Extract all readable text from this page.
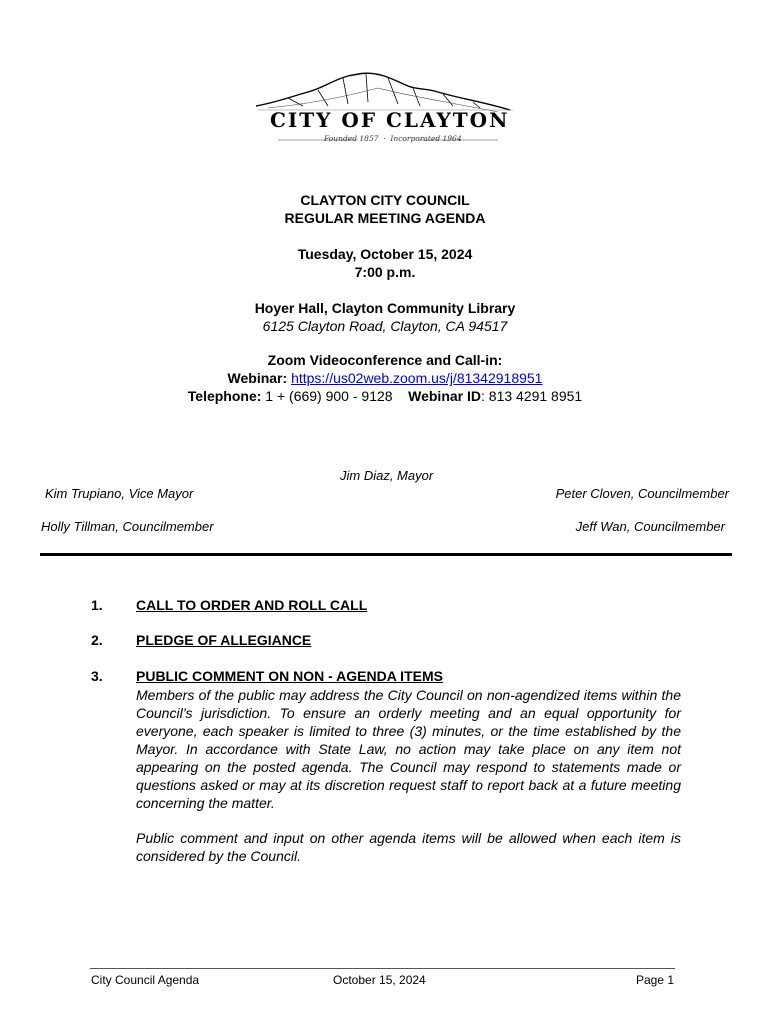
CITY OF CLAYTON
Founded 1857  ·  Incorporated 1964
CLAYTON CITY COUNCIL
REGULAR MEETING AGENDA
Tuesday, October 15, 2024
7:00 p.m.
Hoyer Hall, Clayton Community Library
6125 Clayton Road, Clayton, CA 94517
Zoom Videoconference and Call-in:
Webinar: https://us02web.zoom.us/j/81342918951
Telephone: 1 + (669) 900 - 9128 Webinar ID: 813 4291 8951
Jim Diaz, Mayor
Kim Trupiano, Vice Mayor	Peter Cloven, Councilmember
Holly Tillman, Councilmember	Jeff Wan, Councilmember
1. CALL TO ORDER AND ROLL CALL
2. PLEDGE OF ALLEGIANCE
3. PUBLIC COMMENT ON NON - AGENDA ITEMS
Members of the public may address the City Council on non-agendized items within the Council’s jurisdiction. To ensure an orderly meeting and an equal opportunity for everyone, each speaker is limited to three (3) minutes, or the time established by the Mayor. In accordance with State Law, no action may take place on any item not appearing on the posted agenda. The Council may respond to statements made or questions asked or may at its discretion request staff to report back at a future meeting concerning the matter.
Public comment and input on other agenda items will be allowed when each item is considered by the Council.
City Council Agenda	October 15, 2024	Page 1
